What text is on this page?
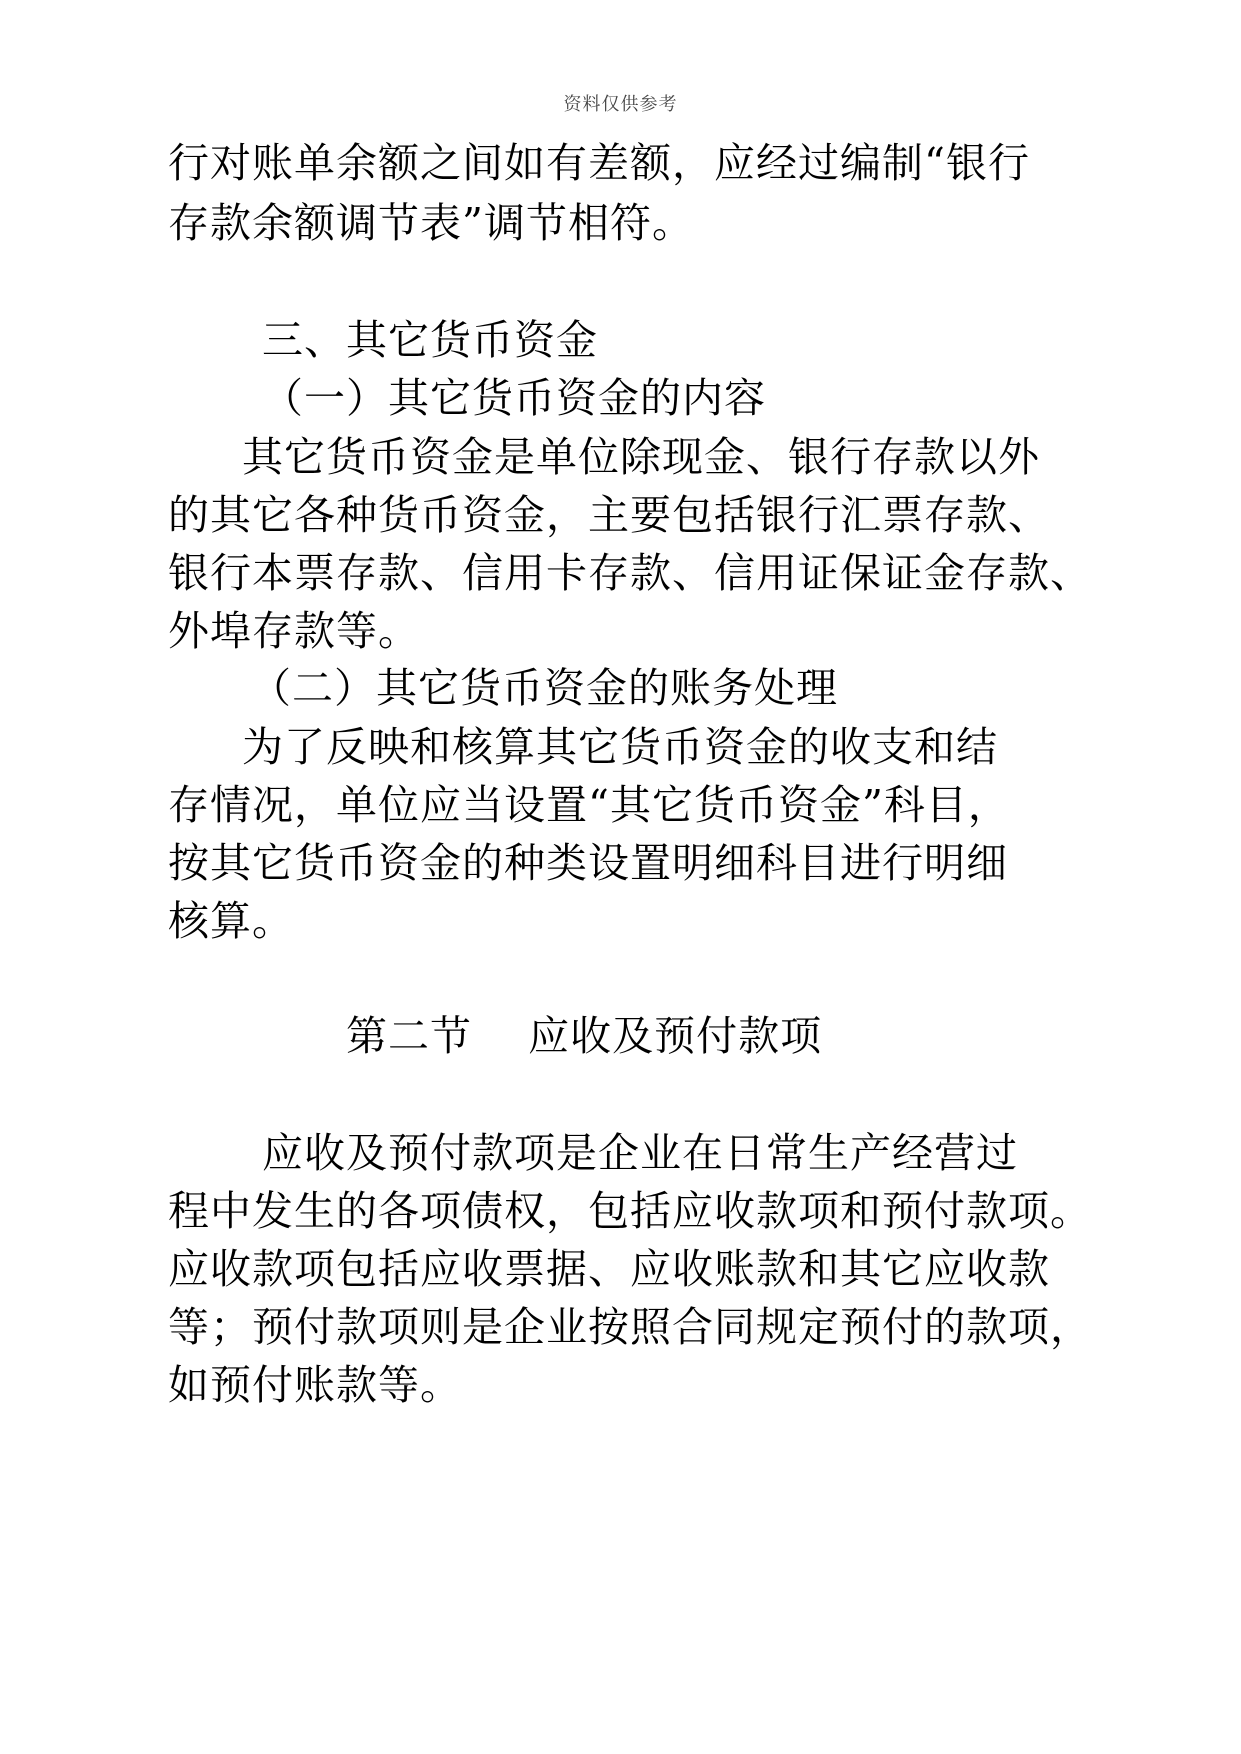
资料仅供参考
行对账单余额之间如有差额，应经过编制“银行
存款余额调节表”调节相符。
三、其它货币资金
（一）其它货币资金的内容
其它货币资金是单位除现金、银行存款以外
的其它各种货币资金，主要包括银行汇票存款、
银行本票存款、信用卡存款、信用证保证金存款、
外埠存款等。
（二）其它货币资金的账务处理
为了反映和核算其它货币资金的收支和结
存情况，单位应当设置“其它货币资金”科目，
按其它货币资金的种类设置明细科目进行明细
核算。
第二节    应收及预付款项
应收及预付款项是企业在日常生产经营过
程中发生的各项债权，包括应收款项和预付款项。
应收款项包括应收票据、应收账款和其它应收款
等；预付款项则是企业按照合同规定预付的款项，
如预付账款等。
